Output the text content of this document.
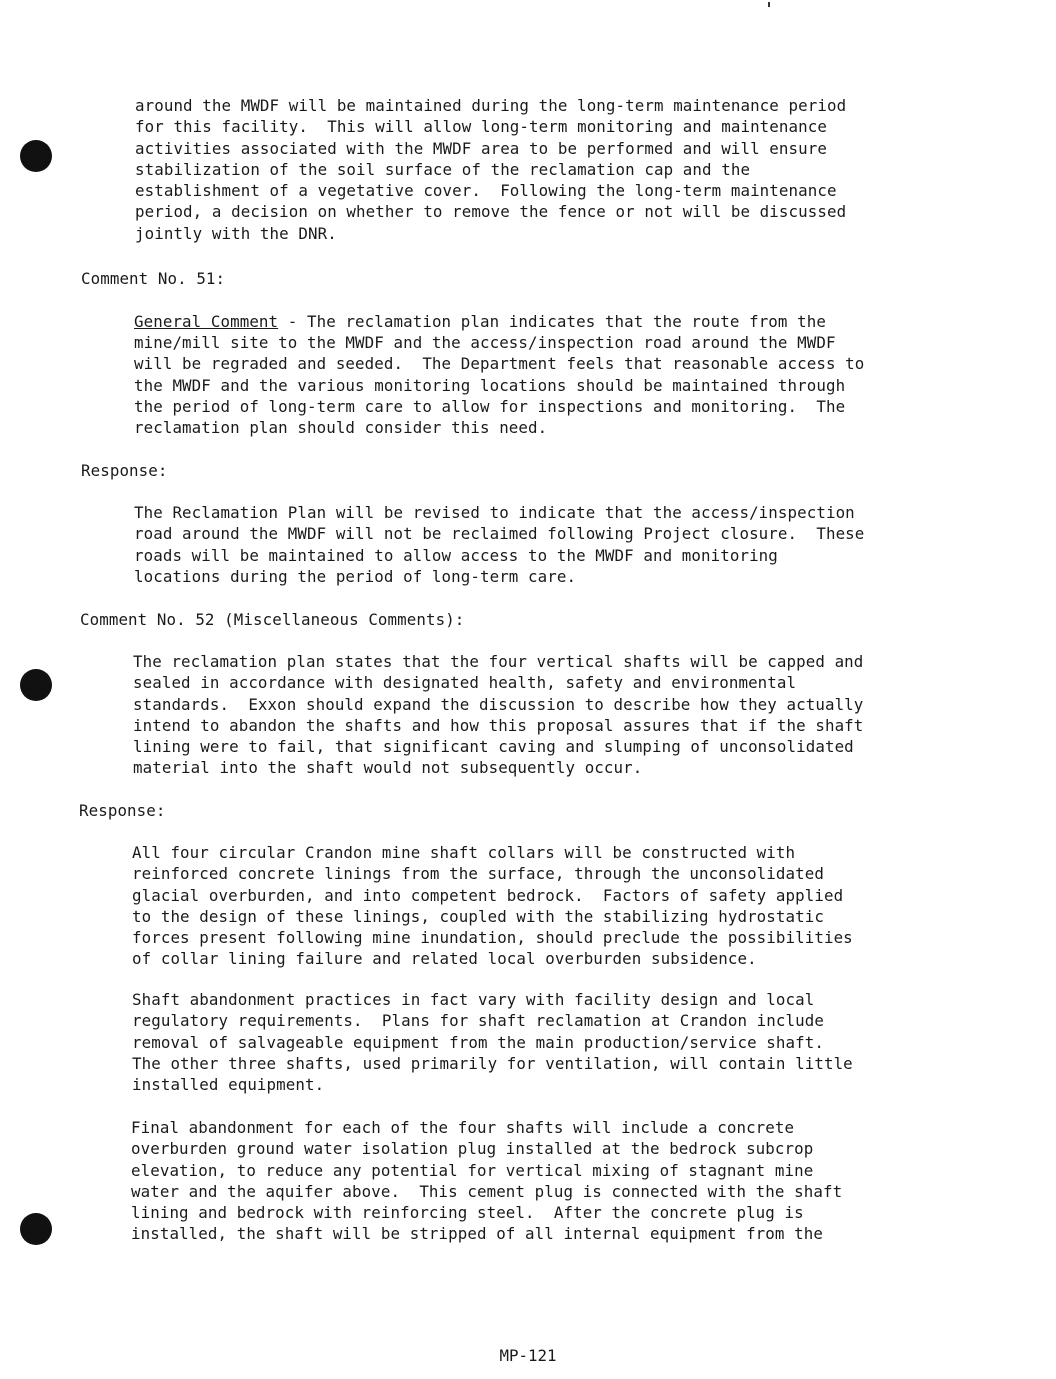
around the MWDF will be maintained during the long-term maintenance period
for this facility.  This will allow long-term monitoring and maintenance
activities associated with the MWDF area to be performed and will ensure
stabilization of the soil surface of the reclamation cap and the
establishment of a vegetative cover.  Following the long-term maintenance
period, a decision on whether to remove the fence or not will be discussed
jointly with the DNR.

Comment No. 51:

General Comment - The reclamation plan indicates that the route from the

mine/mill site to the MWDF and the access/inspection road around the MWDF
will be regraded and seeded.  The Department feels that reasonable access to
the MWDF and the various monitoring locations should be maintained through
the period of long-term care to allow for inspections and monitoring.  The
reclamation plan should consider this need.

Response:

The Reclamation Plan will be revised to indicate that the access/inspection
road around the MWDF will not be reclaimed following Project closure.  These
roads will be maintained to allow access to the MWDF and monitoring
locations during the period of long-term care.

Comment No. 52 (Miscellaneous Comments):

The reclamation plan states that the four vertical shafts will be capped and
sealed in accordance with designated health, safety and environmental
standards.  Exxon should expand the discussion to describe how they actually
intend to abandon the shafts and how this proposal assures that if the shaft
lining were to fail, that significant caving and slumping of unconsolidated
material into the shaft would not subsequently occur.

Response:

All four circular Crandon mine shaft collars will be constructed with
reinforced concrete linings from the surface, through the unconsolidated
glacial overburden, and into competent bedrock.  Factors of safety applied
to the design of these linings, coupled with the stabilizing hydrostatic
forces present following mine inundation, should preclude the possibilities
of collar lining failure and related local overburden subsidence.

Shaft abandonment practices in fact vary with facility design and local
regulatory requirements.  Plans for shaft reclamation at Crandon include
removal of salvageable equipment from the main production/service shaft.
The other three shafts, used primarily for ventilation, will contain little
installed equipment.

Final abandonment for each of the four shafts will include a concrete
overburden ground water isolation plug installed at the bedrock subcrop
elevation, to reduce any potential for vertical mixing of stagnant mine
water and the aquifer above.  This cement plug is connected with the shaft
lining and bedrock with reinforcing steel.  After the concrete plug is
installed, the shaft will be stripped of all internal equipment from the

MP-121
